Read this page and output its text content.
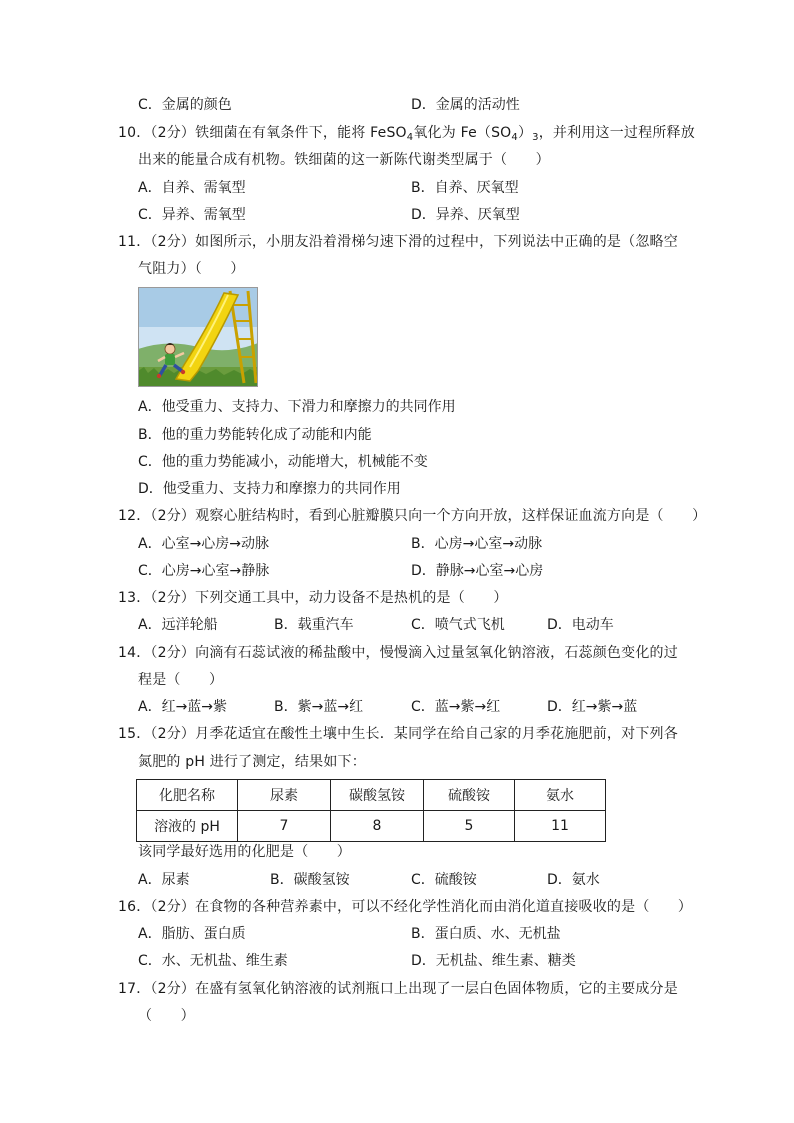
C．金属的颜色	D．金属的活动性
10．（2分）铁细菌在有氧条件下，能将 FeSO$_4$氧化为 $Fe(SO_4)_3$，并利用这一过程所释放
出来的能量合成有机物。铁细菌的这一新陈代谢类型属于（　　）
A．自养、需氧型	B．自养、厌氧型
C．异养、需氧型	D．异养、厌氧型
11．（2分）如图所示，小朋友沿着滑梯匀速下滑的过程中，下列说法中正确的是（忽略空
气阻力）（　　）
A．他受重力、支持力、下滑力和摩擦力的共同作用
B．他的重力势能转化成了动能和内能
C．他的重力势能减小，动能增大，机械能不变
D．他受重力、支持力和摩擦力的共同作用
12．（2分）观察心脏结构时，看到心脏瓣膜只向一个方向开放，这样保证血流方向是（　　）
A．心室→心房→动脉	B．心房→心室→动脉
C．心房→心室→静脉	D．静脉→心室→心房
13．（2分）下列交通工具中，动力设备不是热机的是（　　）
A．远洋轮船	B．载重汽车	C．喷气式飞机	D．电动车
14．（2分）向滴有石蕊试液的稀盐酸中，慢慢滴入过量氢氧化钠溶液，石蕊颜色变化的过
程是（　　）
A．红→蓝→紫	B．紫→蓝→红	C．蓝→紫→红	D．红→紫→蓝
15．（2分）月季花适宜在酸性土壤中生长．某同学在给自己家的月季花施肥前，对下列各
氮肥的 pH 进行了测定，结果如下：
化肥名称	尿素	碳酸氢铵	硫酸铵	氨水
溶液的 pH	7	8	5	11
该同学最好选用的化肥是（　　）
A．尿素	B．碳酸氢铵	C．硫酸铵	D．氨水
16．（2分）在食物的各种营养素中，可以不经化学性消化而由消化道直接吸收的是（　　）
A．脂肪、蛋白质	B．蛋白质、水、无机盐
C．水、无机盐、维生素	D．无机盐、维生素、糖类
17．（2分）在盛有氢氧化钠溶液的试剂瓶口上出现了一层白色固体物质，它的主要成分是
（　　）
